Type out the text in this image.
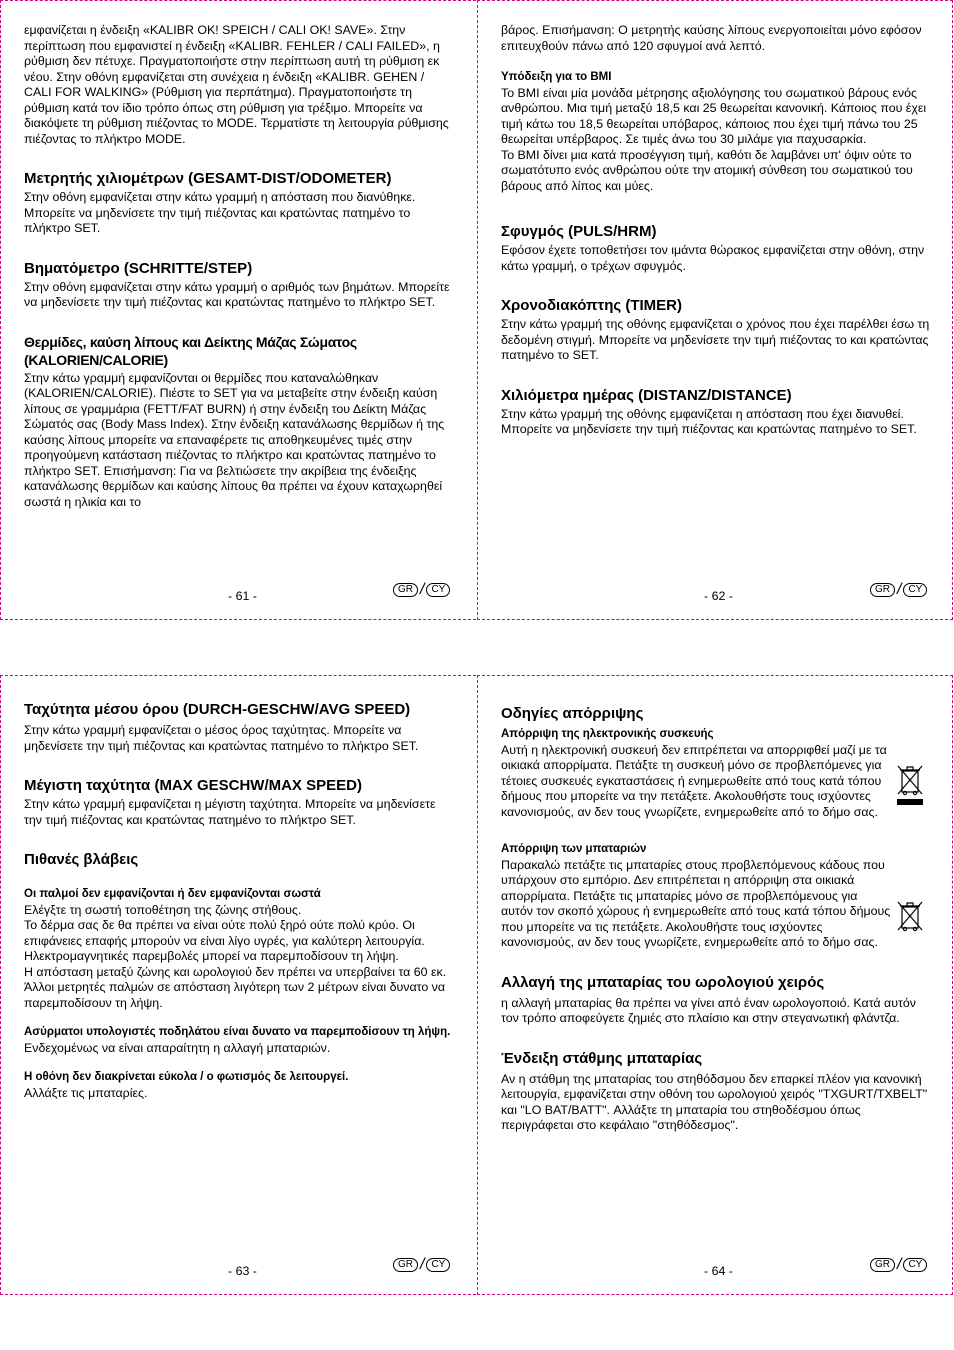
εμφανίζεται η ένδειξη «KALIBR OK! SPEICH / CALI OK! SAVE». Στην περίπτωση που εμφανιστεί η ένδειξη «KALIBR. FEHLER / CALI FAILED», η ρύθμιση δεν πέτυχε. Πραγματοποιήστε στην περίπτωση αυτή τη ρύθμιση εκ νέου. Στην οθόνη εμφανίζεται στη συνέχεια η ένδειξη «KALIBR. GEHEN / CALI FOR WALKING» (Ρύθμιση για περπάτημα). Πραγματοποιήστε τη ρύθμιση κατά τον ίδιο τρόπο όπως στη ρύθμιση για τρέξιμο. Μπορείτε να διακόψετε τη ρύθμιση πιέζοντας το MODE. Τερματίστε τη λειτουργία ρύθμισης πιέζοντας το πλήκτρο MODE.

Μετρητής χιλιομέτρων (GESAMT-DIST/ODOMETER)

Στην οθόνη εμφανίζεται στην κάτω γραμμή η απόσταση που διανύθηκε. Μπορείτε να μηδενίσετε την τιμή πιέζοντας και κρατώντας πατημένο το πλήκτρο SET.

Βηματόμετρο (SCHRITTE/STEP)

Στην οθόνη εμφανίζεται στην κάτω γραμμή ο αριθμός των βημάτων. Μπορείτε να μηδενίσετε την τιμή πιέζοντας και κρατώντας πατημένο το πλήκτρο SET.

Θερμίδες, καύση λίπους και Δείκτης Μάζας Σώματος (KALORIEN/CALORIE)

Στην κάτω γραμμή εμφανίζονται οι θερμίδες που καταναλώθηκαν (KALORIEN/CALORIE). Πιέστε το SET για να μεταβείτε στην ένδειξη καύση λίπους σε γραμμάρια (FETT/FAT BURN) ή στην ένδειξη του Δείκτη Μάζας Σώματός σας (Body Mass Index). Στην ένδειξη κατανάλωσης θερμίδων ή της καύσης λίπους μπορείτε να επαναφέρετε τις αποθηκευμένες τιμές στην προηγούμενη κατάσταση πιέζοντας το πλήκτρο και κρατώντας πατημένο το πλήκτρο SET. Επισήμανση: Για να βελτιώσετε την ακρίβεια της ένδειξης κατανάλωσης θερμίδων και καύσης λίπους θα πρέπει να έχουν καταχωρηθεί σωστά η ηλικία και το

- 61 -	GR / CY

βάρος. Επισήμανση: Ο μετρητής καύσης λίπους ενεργοποιείται μόνο εφόσον επιτευχθούν πάνω από 120 σφυγμοί ανά λεπτό.

Υπόδειξη για το BMI

Το BMI είναι μία μονάδα μέτρησης αξιολόγησης του σωματικού βάρους ενός ανθρώπου. Μια τιμή μεταξύ 18,5 και 25 θεωρείται κανονική. Κάποιος που έχει τιμή κάτω του 18,5 θεωρείται υπόβαρος, κάποιος που έχει τιμή πάνω του 25 θεωρείται υπέρβαρος. Σε τιμές άνω του 30 μιλάμε για παχυσαρκία.

Το BMI δίνει μια κατά προσέγγιση τιμή, καθότι δε λαμβάνει υπ' όψιν ούτε το σωματότυπο ενός ανθρώπου ούτε την ατομική σύνθεση του σωματικού του βάρους από λίπος και μύες.

Σφυγμός (PULS/HRM)

Εφόσον έχετε τοποθετήσει τον ιμάντα θώρακος εμφανίζεται στην οθόνη, στην κάτω γραμμή, ο τρέχων σφυγμός.

Χρονοδιακόπτης (TIMER)

Στην κάτω γραμμή της οθόνης εμφανίζεται ο χρόνος που έχει παρέλθει έσω τη δεδομένη στιγμή. Μπορείτε να μηδενίσετε την τιμή πιέζοντας το και κρατώντας πατημένο το SET.

Χιλιόμετρα ημέρας (DISTANZ/DISTANCE)

Στην κάτω γραμμή της οθόνης εμφανίζεται η απόσταση που έχει διανυθεί. Μπορείτε να μηδενίσετε την τιμή πιέζοντας και κρατώντας πατημένο το SET.

- 62 -	GR / CY
Ταχύτητα μέσου όρου (DURCH-GESCHW/AVG SPEED)

Στην κάτω γραμμή εμφανίζεται ο μέσος όρος ταχύτητας. Μπορείτε να μηδενίσετε την τιμή πιέζοντας και κρατώντας πατημένο το πλήκτρο SET.

Μέγιστη ταχύτητα (MAX GESCHW/MAX SPEED)

Στην κάτω γραμμή εμφανίζεται η μέγιστη ταχύτητα. Μπορείτε να μηδενίσετε την τιμή πιέζοντας και κρατώντας πατημένο το πλήκτρο SET.

Πιθανές βλάβεις
Οι παλμοί δεν εμφανίζονται ή δεν εμφανίζονται σωστά

Ελέγξτε τη σωστή τοποθέτηση της ζώνης στήθους.

Το δέρμα σας δε θα πρέπει να είναι ούτε πολύ ξηρό ούτε πολύ κρύο. Οι επιφάνειες επαφής μπορούν να είναι λίγο υγρές, για καλύτερη λειτουργία.

Ηλεκτρομαγνητικές παρεμβολές μπορεί να παρεμποδίσουν τη λήψη.

Η απόσταση μεταξύ ζώνης και ωρολογιού δεν πρέπει να υπερβαίνει τα 60 εκ.

Άλλοι μετρητές παλμών σε απόσταση λιγότερη των 2 μέτρων είναι δυνατο να παρεμποδίσουν τη λήψη.

Ασύρματοι υπολογιστές ποδηλάτου είναι δυνατο να παρεμποδίσουν τη λήψη.

Ενδεχομένως να είναι απαραίτητη η αλλαγή μπαταριών.

Η οθόνη δεν διακρίνεται εύκολα / ο φωτισμός δε λειτουργεί.

Αλλάξτε τις μπαταρίες.

- 63 -	GR / CY
Οδηγίες απόρριψης
Απόρριψη της ηλεκτρονικής συσκευής

Αυτή η ηλεκτρονική συσκευή δεν επιτρέπεται να απορριφθεί μαζί με τα οικιακά απορρίματα. Πετάξτε τη συσκευή μόνο σε προβλεπόμενες για τέτοιες συσκευές εγκαταστάσεις ή ενημερωθείτε από τους κατά τόπου δήμους που μπορείτε να την πετάξετε. Ακολουθήστε τους ισχύοντες κανονισμούς, αν δεν τους γνωρίζετε, ενημερωθείτε από το δήμο σας.

Απόρριψη των μπαταριών

Παρακαλώ πετάξτε τις μπαταρίες στους προβλεπόμενους κάδους που υπάρχουν στο εμπόριο. Δεν επιτρέπεται η απόρριψη στα οικιακά απορρίματα. Πετάξτε τις μπαταρίες μόνο σε προβλεπόμενους για αυτόν τον σκοπό χώρους ή ενημερωθείτε από τους κατά τόπου δήμους που μπορείτε να τις πετάξετε. Ακολουθήστε τους ισχύοντες κανονισμούς, αν δεν τους γνωρίζετε, ενημερωθείτε από το δήμο σας.

Αλλαγή της μπαταρίας του ωρολογιού χειρός

η αλλαγή μπαταρίας θα πρέπει να γίνει από έναν ωρολογοποιό. Κατά αυτόν τον τρόπο αποφεύγετε ζημιές στο πλαίσιο και στην στεγανωτική φλάντζα.

Ένδειξη στάθμης μπαταρίας

Αν η στάθμη της μπαταρίας του στηθόδσμου δεν επαρκεί πλέον για κανονική λειτουργία, εμφανίζεται στην οθόνη του ωρολογιού χειρός "TXGURT/TXBELT" και "LO BAT/BATT". Αλλάξτε τη μπαταρία του στηθοδέσμου όπως περιγράφεται στο κεφάλαιο "στηθόδεσμος".

- 64 -	GR / CY
